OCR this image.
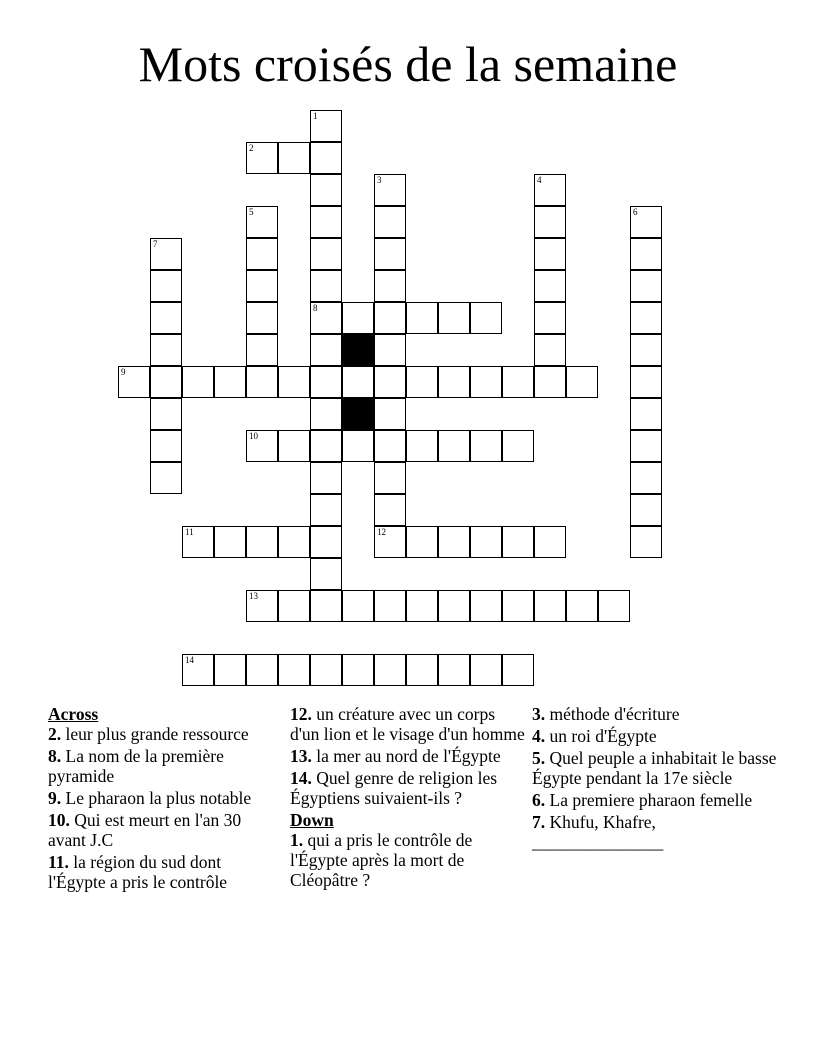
Mots croisés de la semaine
1
8
2
3	4
5	6
7
9
10
11	12
13
14
Across
2. leur plus grande ressource
8. La nom de la première pyramide
9. Le pharaon la plus notable
10. Qui est meurt en l'an 30 avant J.C
11. la région du sud dont l'Égypte a pris le contrôle
12. un créature avec un corps d'un lion et le visage d'un homme
13. la mer au nord de l'Égypte
14. Quel genre de religion les Égyptiens suivaient-ils ?
Down
1. qui a pris le contrôle de l'Égypte après la mort de Cléopâtre ?
3. méthode d'écriture
4. un roi d'Égypte
5. Quel peuple a inhabitait le basse Égypte pendant la 17e siècle
6. La premiere pharaon femelle
7. Khufu, Khafre, _______________
